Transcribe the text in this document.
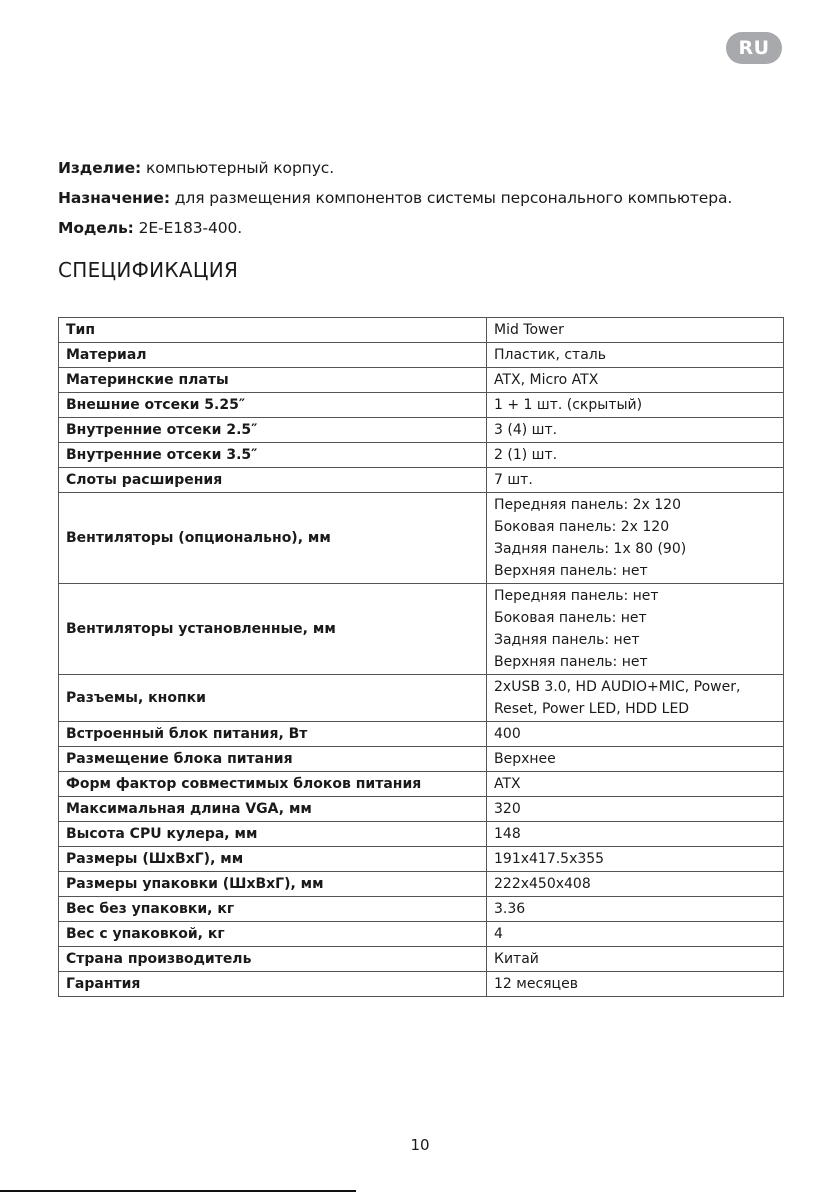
RU
Изделие: компьютерный корпус.
Назначение: для размещения компонентов системы персонального компьютера.
Модель: 2E-E183-400.
СПЕЦИФИКАЦИЯ
Тип	Mid Tower

Материал	Пластик, сталь

Материнские платы	ATX, Micro ATX

Внешние отсеки 5.25″	1 + 1 шт. (скрытый)

Внутренние отсеки 2.5″	3 (4) шт.

Внутренние отсеки 3.5″	2 (1) шт.

Слоты расширения	7 шт.

Вентиляторы (опционально), мм	Передняя панель: 2x 120
Боковая панель: 2x 120
Задняя панель: 1x 80 (90)
Верхняя панель: нет

Вентиляторы установленные, мм	Передняя панель: нет
Боковая панель: нет
Задняя панель: нет
Верхняя панель: нет

Разъемы, кнопки	2xUSB 3.0, HD AUDIO+MIC, Power,
Reset, Power LED, HDD LED

Встроенный блок питания, Вт	400

Размещение блока питания	Верхнее

Форм фактор совместимых блоков питания	ATX

Максимальная длина VGA, мм	320

Высота CPU кулера, мм	148

Размеры (ШxВxГ), мм	191x417.5x355

Размеры упаковки (ШxВxГ), мм	222x450x408

Вес без упаковки, кг	3.36

Вес с упаковкой, кг	4

Страна производитель	Китай

Гарантия	12 месяцев
10
